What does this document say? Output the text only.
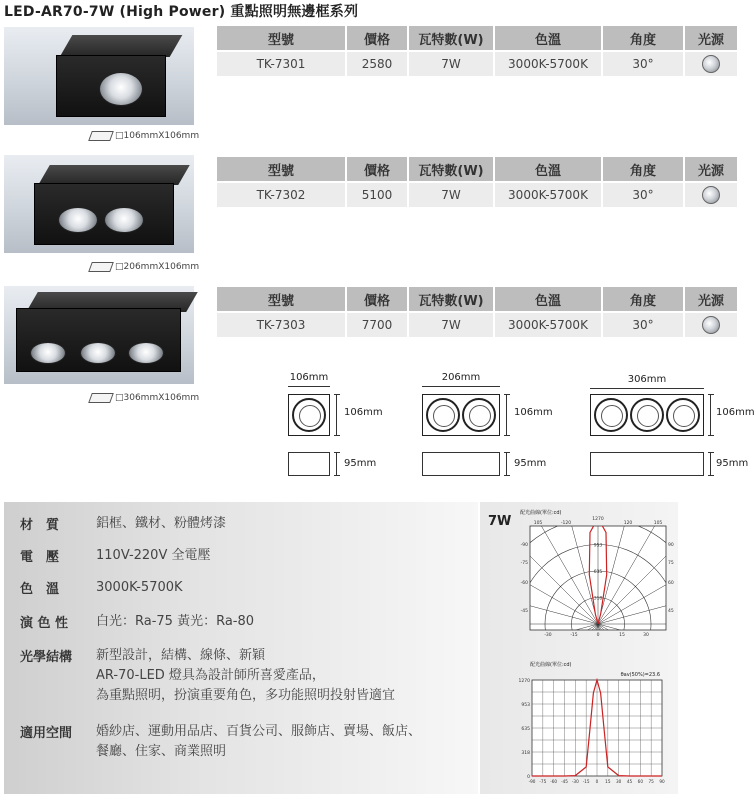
LED-AR70-7W (High Power) 重點照明無邊框系列
□106mmX106mm
□206mmX106mm
□306mmX106mm
型號	價格	瓦特數(W)	色溫	角度	光源
TK-7301	2580	7W	3000K-5700K	30°	
型號	價格	瓦特數(W)	色溫	角度	光源
TK-7302	5100	7W	3000K-5700K	30°	
型號	價格	瓦特數(W)	色溫	角度	光源
TK-7303	7700	7W	3000K-5700K	30°	
106mm
106mm
95mm
206mm
106mm
95mm
306mm
106mm
95mm
材　質	鋁框、鐵材、粉體烤漆
電　壓	110V-220V 全電壓
色　溫	3000K-5700K
演 色 性	白光：Ra-75 黃光：Ra-80
光學結構	新型設計，結構、線條、新穎
AR-70-LED 燈具為設計師所喜愛產品，
為重點照明，扮演重要角色，多功能照明投射皆適宜
適用空間	婚紗店、運動用品店、百貨公司、服飾店、賣場、飯店、
餐廳、住家、商業照明
7W
配光曲線(單位:cd)
318
635
953
1270
105	-120	120	105
-90
-75
-60
-45
90
75
60
45
-30	-15	0	15	30
配光曲線(單位:cd)
θav(50%)=23.6
0
318
635
953
1270
-90 -75 -60 -45 -30 -15 0 15 30 45 60 75 90
